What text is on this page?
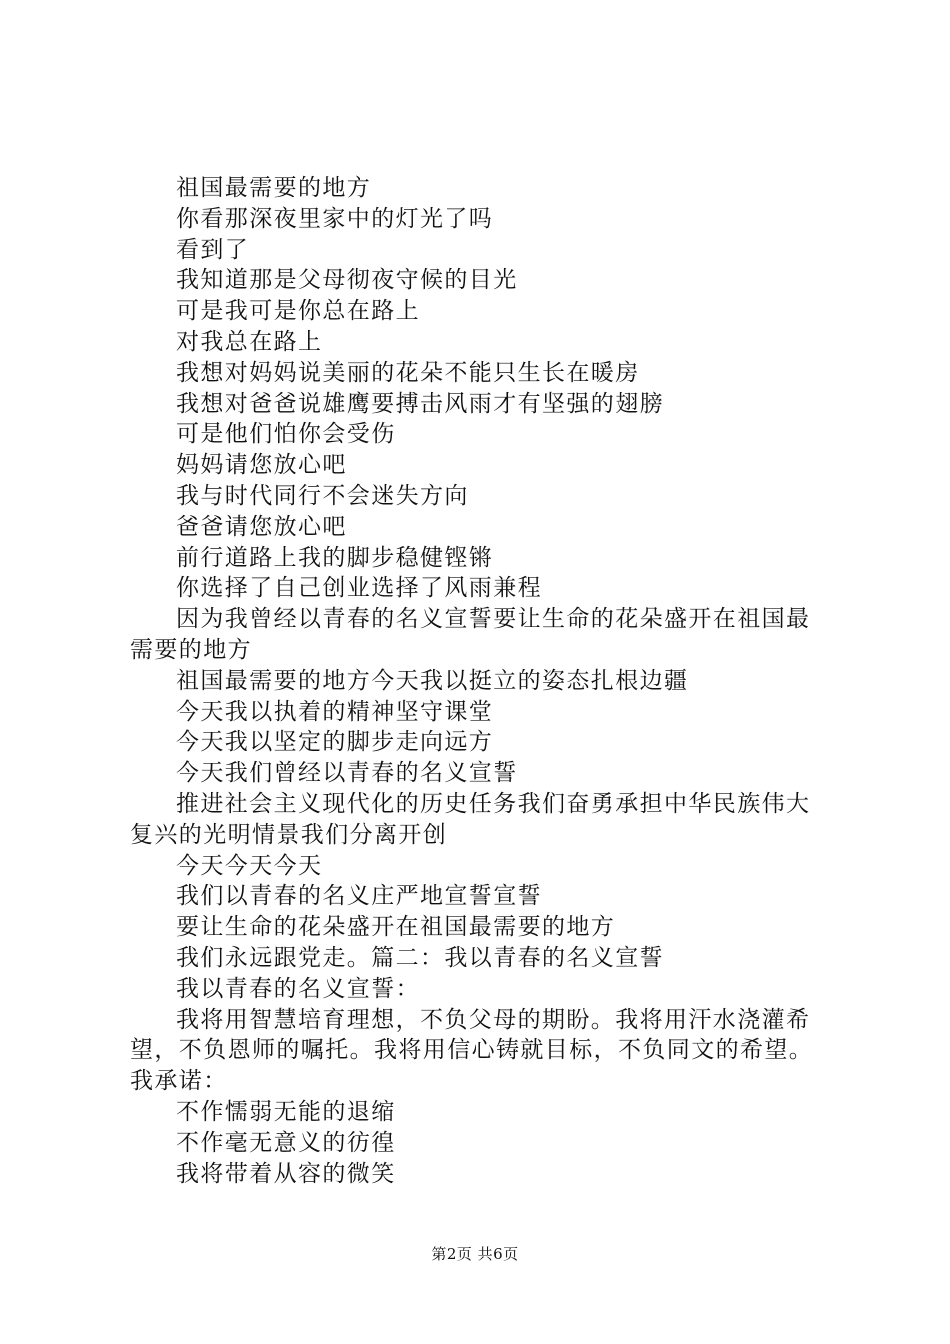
祖国最需要的地方

你看那深夜里家中的灯光了吗

看到了

我知道那是父母彻夜守候的目光

可是我可是你总在路上

对我总在路上

我想对妈妈说美丽的花朵不能只生长在暖房

我想对爸爸说雄鹰要搏击风雨才有坚强的翅膀

可是他们怕你会受伤

妈妈请您放心吧

我与时代同行不会迷失方向

爸爸请您放心吧

前行道路上我的脚步稳健铿锵

你选择了自己创业选择了风雨兼程

因为我曾经以青春的名义宣誓要让生命的花朵盛开在祖国最需要的地方

祖国最需要的地方今天我以挺立的姿态扎根边疆

今天我以执着的精神坚守课堂

今天我以坚定的脚步走向远方

今天我们曾经以青春的名义宣誓

推进社会主义现代化的历史任务我们奋勇承担中华民族伟大复兴的光明情景我们分离开创

今天今天今天

我们以青春的名义庄严地宣誓宣誓

要让生命的花朵盛开在祖国最需要的地方

我们永远跟党走。篇二：我以青春的名义宣誓

我以青春的名义宣誓：

我将用智慧培育理想，不负父母的期盼。我将用汗水浇灌希望，不负恩师的嘱托。我将用信心铸就目标，不负同文的希望。我承诺：

不作懦弱无能的退缩

不作毫无意义的彷徨

我将带着从容的微笑

第2页 共6页
